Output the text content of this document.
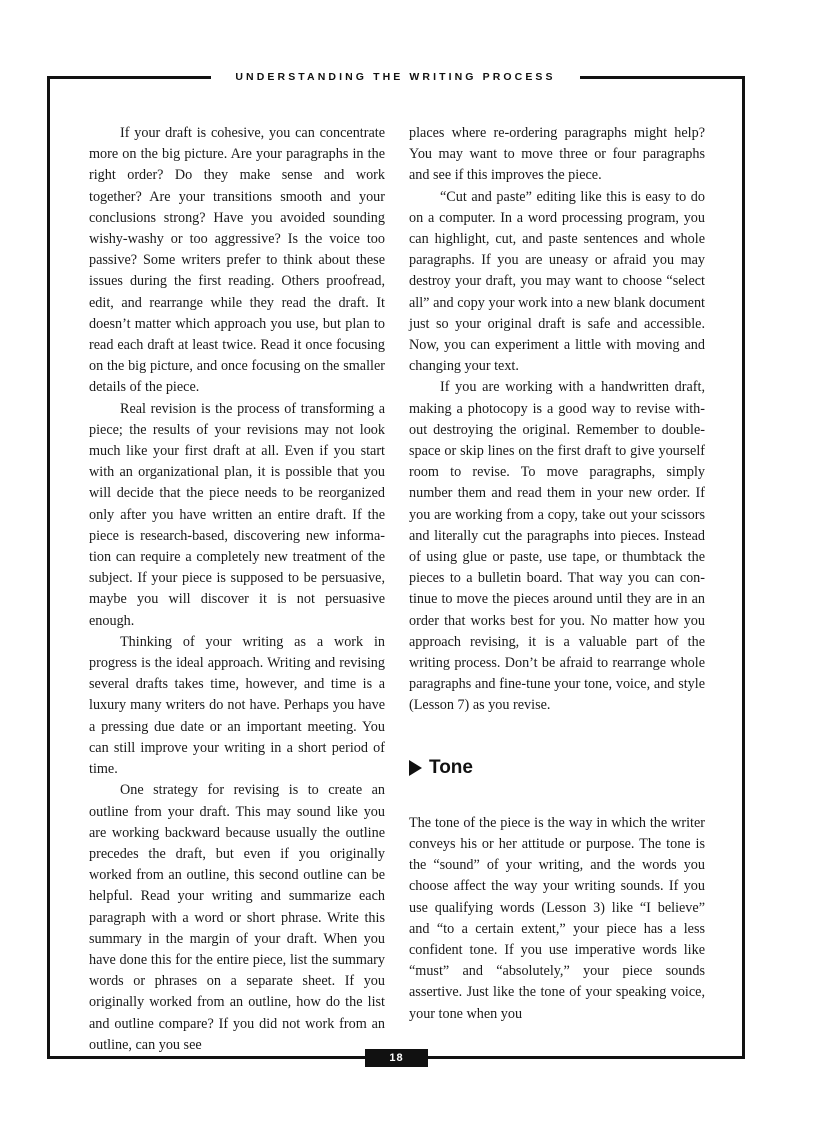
UNDERSTANDING THE WRITING PROCESS
18

If your draft is cohesive, you can concentrate more on the big picture. Are your paragraphs in the right order? Do they make sense and work together? Are your transitions smooth and your conclusions strong? Have you avoided sounding wishy-washy or too aggressive? Is the voice too passive? Some writers prefer to think about these issues during the first reading. Others proofread, edit, and rearrange while they read the draft. It doesn’t matter which approach you use, but plan to read each draft at least twice. Read it once focusing on the big picture, and once focusing on the smaller details of the piece.

Real revision is the process of transforming a piece; the results of your revisions may not look much like your first draft at all. Even if you start with an organizational plan, it is possible that you will decide that the piece needs to be reorganized only after you have written an entire draft. If the piece is research-based, discovering new information can require a completely new treatment of the subject. If your piece is supposed to be persuasive, maybe you will discover it is not persuasive enough.

Thinking of your writing as a work in progress is the ideal approach. Writing and revising several drafts takes time, however, and time is a luxury many writers do not have. Perhaps you have a pressing due date or an important meeting. You can still improve your writing in a short period of time.

One strategy for revising is to create an outline from your draft. This may sound like you are working backward because usually the outline precedes the draft, but even if you originally worked from an outline, this second outline can be helpful. Read your writing and summarize each paragraph with a word or short phrase. Write this summary in the margin of your draft. When you have done this for the entire piece, list the summary words or phrases on a separate sheet. If you originally worked from an outline, how do the list and outline compare? If you did not work from an outline, can you see

places where re-ordering paragraphs might help? You may want to move three or four paragraphs and see if this improves the piece.

“Cut and paste” editing like this is easy to do on a computer. In a word processing program, you can highlight, cut, and paste sentences and whole paragraphs. If you are uneasy or afraid you may destroy your draft, you may want to choose “select all” and copy your work into a new blank document just so your original draft is safe and accessible. Now, you can experiment a little with moving and changing your text.

If you are working with a handwritten draft, making a photocopy is a good way to revise without destroying the original. Remember to double-space or skip lines on the first draft to give yourself room to revise. To move paragraphs, simply number them and read them in your new order. If you are working from a copy, take out your scissors and literally cut the paragraphs into pieces. Instead of using glue or paste, use tape, or thumbtack the pieces to a bulletin board. That way you can continue to move the pieces around until they are in an order that works best for you. No matter how you approach revising, it is a valuable part of the writing process. Don’t be afraid to rearrange whole paragraphs and fine-tune your tone, voice, and style (Lesson 7) as you revise.

Tone

The tone of the piece is the way in which the writer conveys his or her attitude or purpose. The tone is the “sound” of your writing, and the words you choose affect the way your writing sounds. If you use qualifying words (Lesson 3) like “I believe” and “to a certain extent,” your piece has a less confident tone. If you use imperative words like “must” and “absolutely,” your piece sounds assertive. Just like the tone of your speaking voice, your tone when you
